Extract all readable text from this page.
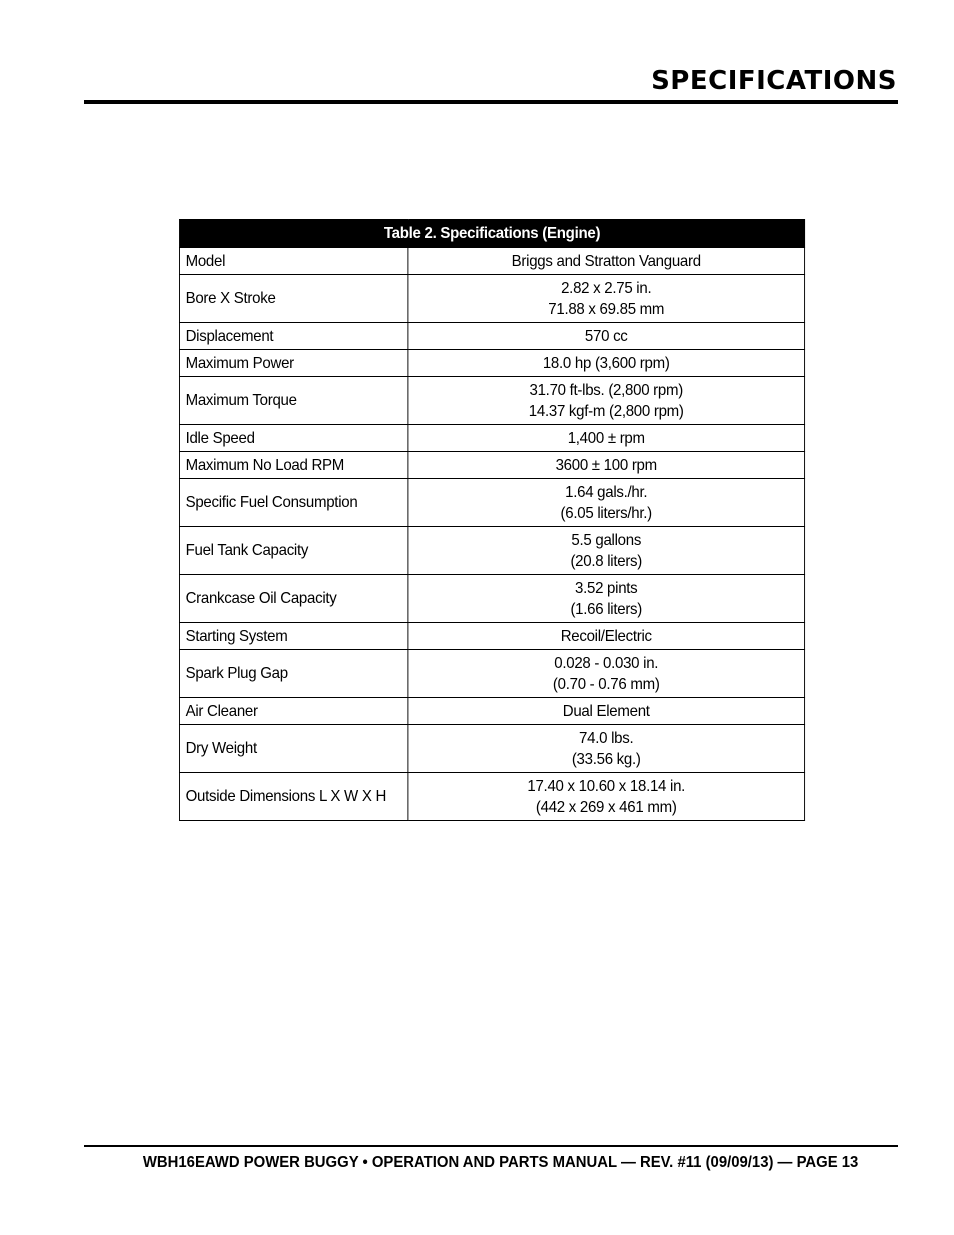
SPECIFICATIONS
Table 2. Specifications (Engine)	
Model	Briggs and Stratton Vanguard

Bore X Stroke	2.82 x 2.75 in.
71.88 x 69.85 mm

Displacement	570 cc

Maximum Power	18.0 hp (3,600 rpm)

Maximum Torque	31.70 ft-lbs. (2,800 rpm)
14.37 kgf-m (2,800 rpm)

Idle Speed	1,400 ± rpm

Maximum No Load RPM	3600 ± 100 rpm

Specific Fuel Consumption	1.64 gals./hr.
(6.05 liters/hr.)

Fuel Tank Capacity	5.5 gallons
(20.8 liters)

Crankcase Oil Capacity	3.52 pints
(1.66 liters)

Starting System	Recoil/Electric

Spark Plug Gap	0.028 - 0.030 in.
(0.70 - 0.76 mm)

Air Cleaner	Dual Element

Dry Weight	74.0 lbs.
(33.56 kg.)

Outside Dimensions L X W X H	17.40 x 10.60 x 18.14 in.
(442 x 269 x 461 mm)
WBH16EAWD POWER BUGGY • OPERATION AND PARTS MANUAL — REV. #11 (09/09/13) — PAGE 13
